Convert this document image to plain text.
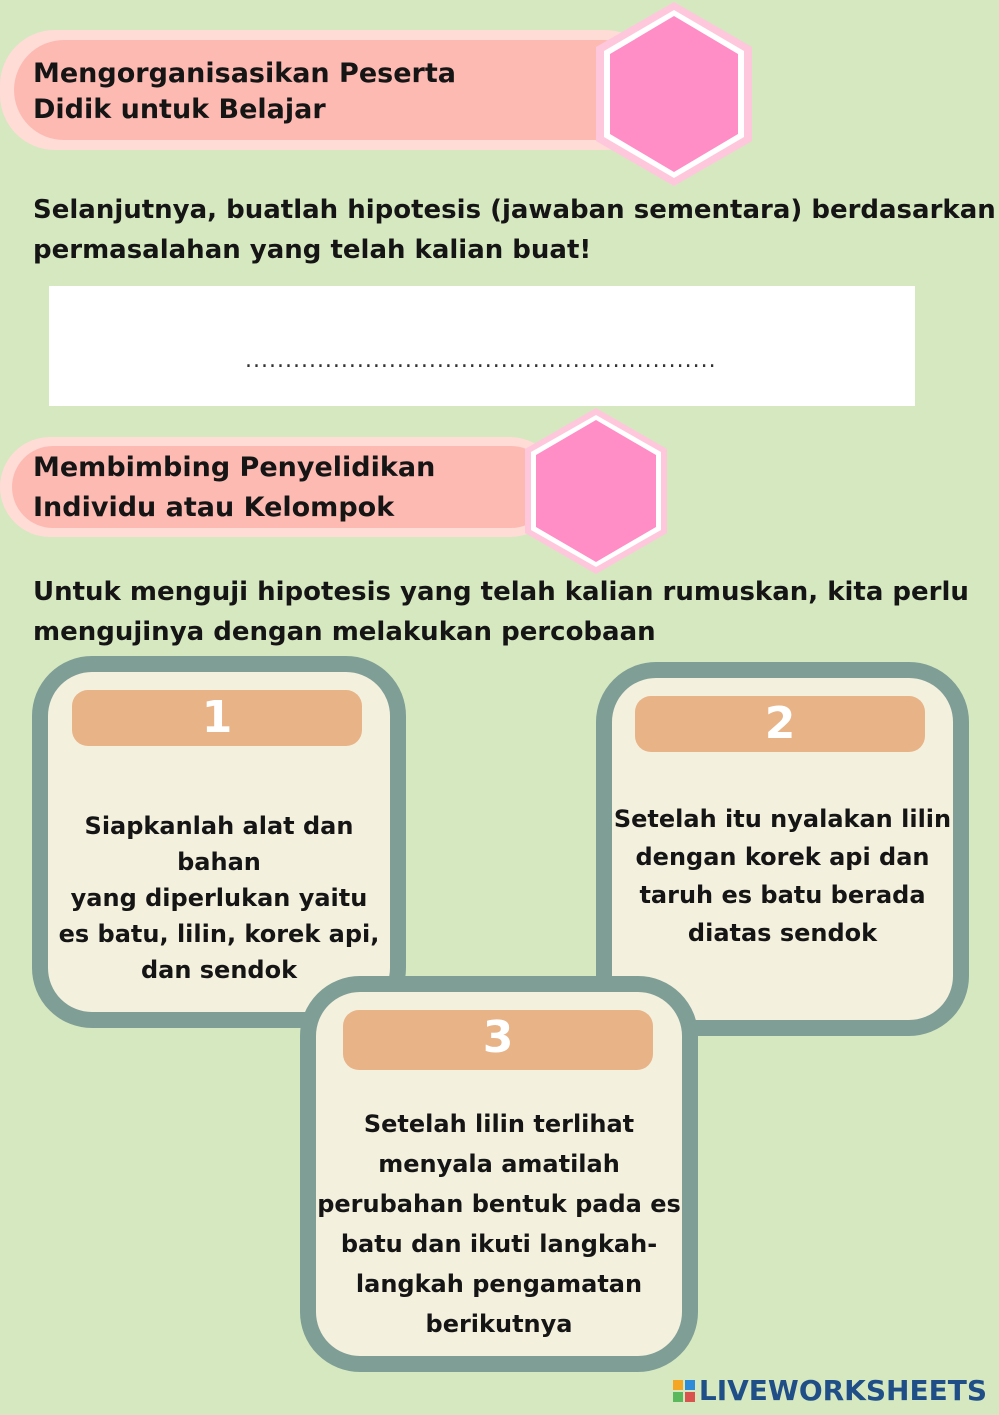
Mengorganisasikan Peserta
Didik untuk Belajar
Selanjutnya, buatlah hipotesis (jawaban sementara) berdasarkan
permasalahan yang telah kalian buat!
...........................................................
Membimbing Penyelidikan
Individu atau Kelompok
Untuk menguji hipotesis yang telah kalian rumuskan, kita perlu
mengujinya dengan melakukan percobaan
1
Siapkanlah alat dan bahan
yang diperlukan yaitu
es batu, lilin, korek api,
dan sendok
2
Setelah itu nyalakan lilin
dengan korek api dan
taruh es batu berada
diatas sendok
3
Setelah lilin terlihat
menyala amatilah
perubahan bentuk pada es
batu dan ikuti langkah-
langkah pengamatan
berikutnya
LIVEWORKSHEETS
